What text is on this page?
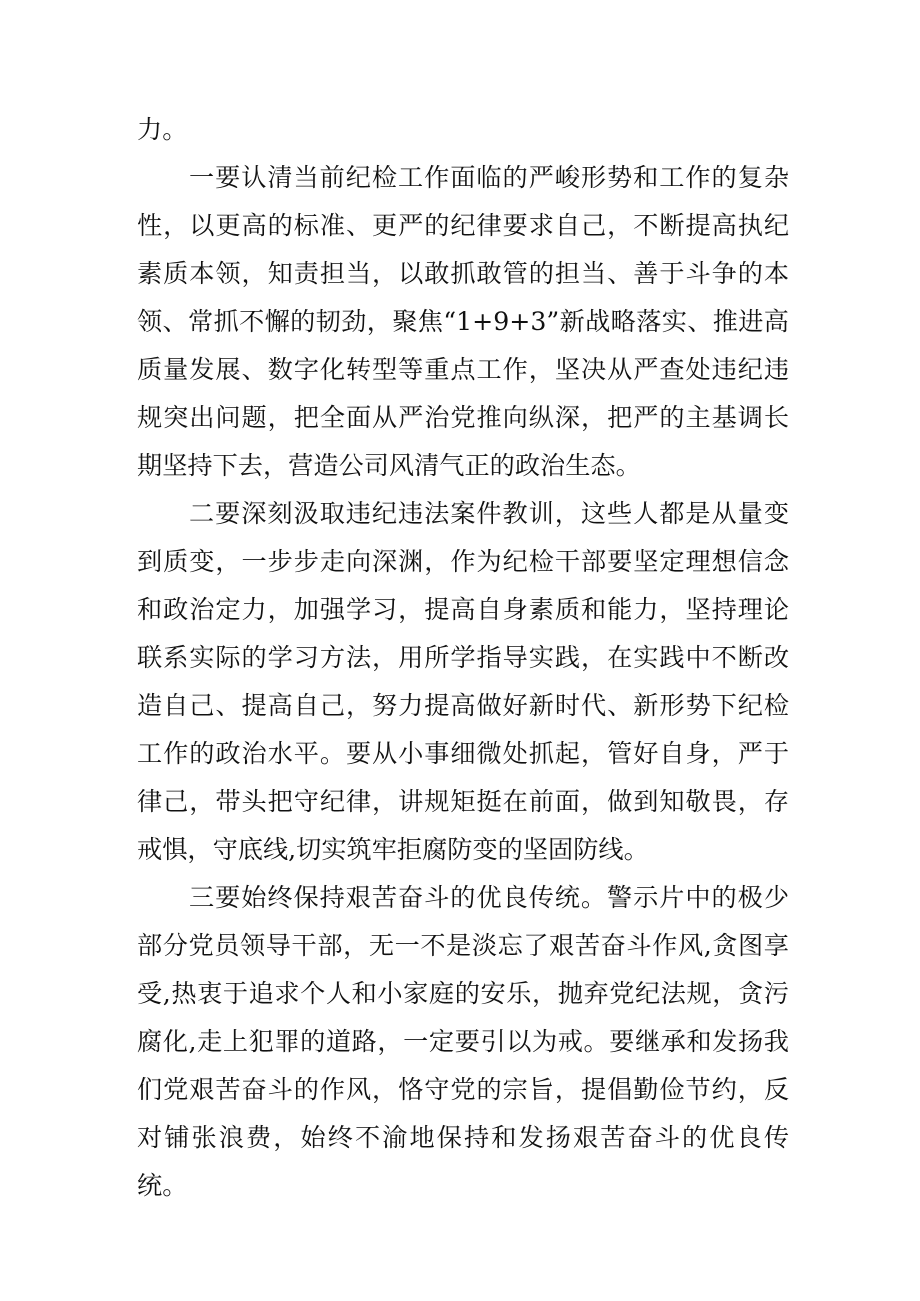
力。

一要认清当前纪检工作面临的严峻形势和工作的复杂性，以更高的标准、更严的纪律要求自己，不断提高执纪素质本领，知责担当，以敢抓敢管的担当、善于斗争的本领、常抓不懈的韧劲，聚焦“1+9+3”新战略落实、推进高质量发展、数字化转型等重点工作，坚决从严查处违纪违规突出问题，把全面从严治党推向纵深，把严的主基调长期坚持下去，营造公司风清气正的政治生态。

二要深刻汲取违纪违法案件教训，这些人都是从量变到质变，一步步走向深渊，作为纪检干部要坚定理想信念和政治定力，加强学习，提高自身素质和能力，坚持理论联系实际的学习方法，用所学指导实践，在实践中不断改造自己、提高自己，努力提高做好新时代、新形势下纪检工作的政治水平。要从小事细微处抓起，管好自身，严于律己，带头把守纪律，讲规矩挺在前面，做到知敬畏，存戒惧，守底线,切实筑牢拒腐防变的坚固防线。

三要始终保持艰苦奋斗的优良传统。警示片中的极少部分党员领导干部，无一不是淡忘了艰苦奋斗作风,贪图享受,热衷于追求个人和小家庭的安乐，抛弃党纪法规，贪污腐化,走上犯罪的道路，一定要引以为戒。要继承和发扬我们党艰苦奋斗的作风，恪守党的宗旨，提倡勤俭节约，反对铺张浪费，始终不渝地保持和发扬艰苦奋斗的优良传统。
